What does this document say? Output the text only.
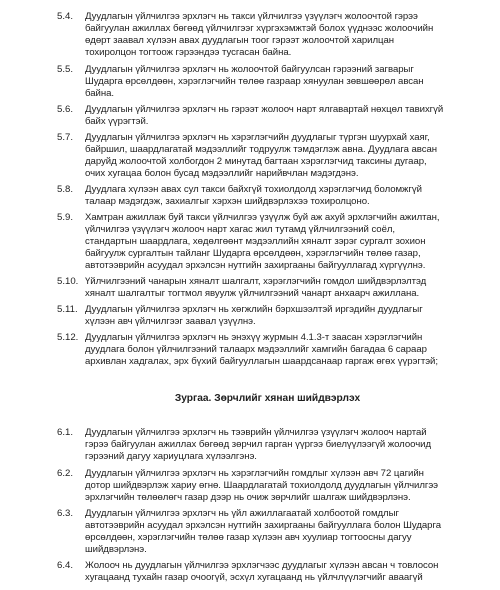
5.4. Дуудлагын үйлчилгээ эрхлэгч нь такси үйлчилгээ үзүүлэгч жолоочтой гэрээ
байгуулан ажиллах бөгөөд үйлчилгээг хүргэхэмжтэй болох үүднээс жолоочийн
өдөрт заавал хүлээн авах дуудлагын тоог гэрээт жолоочтой харилцан
тохиролцон тогтоож гэрээндээ тусгасан байна.
5.5. Дуудлагын үйлчилгээ эрхлэгч нь жолоочтой байгуулсан гэрээний загварыг
Шударга өрсөлдөөн, хэрэглэгчийн төлөө газраар хянуулан зөвшөөрөл авсан
байна.
5.6. Дуудлагын үйлчилгээ эрхлэгч нь гэрээт жолооч нарт ялгавартай нөхцөл тавихгүй
байх үүрэгтэй.
5.7. Дуудлагын үйлчилгээ эрхлэгч нь хэрэглэгчийн дуудлагыг түргэн шуурхай хаяг,
байршил, шаардлагатай мэдээллийг тодруулж тэмдэглэж авна. Дуудлага авсан
даруйд жолоочтой холбогдон 2 минутад багтаан хэрэглэгчид таксины дугаар,
очих хугацаа болон бусад мэдээллийг нарийвчлан мэдэгдэнэ.
5.8. Дуудлага хүлээн авах сул такси байхгүй тохиолдолд хэрэглэгчид боломжгүй
талаар мэдэгдэж, захиалгыг хэрхэн шийдвэрлэхээ тохиролцоно.
5.9. Хамтран ажиллаж буй такси үйлчилгээ үзүүлж буй аж ахуй эрхлэгчийн ажилтан,
үйлчилгээ үзүүлэгч жолооч нарт хагас жил тутамд үйлчилгээний соёл,
стандартын шаардлага, хөдөлгөөнт мэдээллийн хяналт зэрэг сургалт зохион
байгуулж сургалтын тайланг Шударга өрсөлдөөн, хэрэглэгчийн төлөө газар,
автотээврийн асуудал эрхэлсэн нутгийн захиргааны байгууллагад хүргүүлнэ.
5.10. Үйлчилгээний чанарын хяналт шалгалт, хэрэглэгчийн гомдол шийдвэрлэлтэд
хяналт шалгалтыг тогтмол явуулж үйлчилгээний чанарт анхаарч ажиллана.
5.11. Дуудлагын үйлчилгээ эрхлэгч нь хөгжлийн бэрхшээлтэй иргэдийн дуудлагыг
хүлээн авч үйлчилгээг заавал үзүүлнэ.
5.12. Дуудлагын үйлчилгээ эрхлэгч нь энэхүү журмын 4.1.3-т заасан хэрэглэгчийн
дуудлага болон үйлчилгээний талаарх мэдээллийг хамгийн багадаа 6 сараар
архивлан хадгалах, эрх бүхий байгууллагын шаардсанаар гаргаж өгөх үүрэгтэй;
Зургаа. Зөрчлийг хянан шийдвэрлэх
6.1. Дуудлагын үйлчилгээ эрхлэгч нь тээврийн үйлчилгээ үзүүлэгч жолооч нартай
гэрээ байгуулан ажиллах бөгөөд зөрчил гарган үүргээ биелүүлээгүй жолоочид
гэрээний дагуу хариуцлага хүлээлгэнэ.
6.2. Дуудлагын үйлчилгээ эрхлэгч нь хэрэглэгчийн гомдлыг хүлээн авч 72 цагийн
дотор шийдвэрлэж хариу өгнө. Шаардлагатай тохиолдолд дуудлагын үйлчилгээ
эрхлэгчийн төлөөлөгч газар дээр нь очиж зөрчлийг шалгаж шийдвэрлэнэ.
6.3. Дуудлагын үйлчилгээ эрхлэгч нь үйл ажиллагаатай холбоотой гомдлыг
автотээврийн асуудал эрхэлсэн нутгийн захиргааны байгууллага болон Шударга
өрсөлдөөн, хэрэглэгчийн төлөө газар хүлээн авч хуулиар тогтоосны дагуу
шийдвэрлэнэ.
6.4. Жолооч нь дуудлагын үйлчилгээ эрхлэгчээс дуудлагыг хүлээн авсан ч товлосон
хугацаанд тухайн газар очоогүй, эсхүл хугацаанд нь үйлчлүүлэгчийг аваагүй
